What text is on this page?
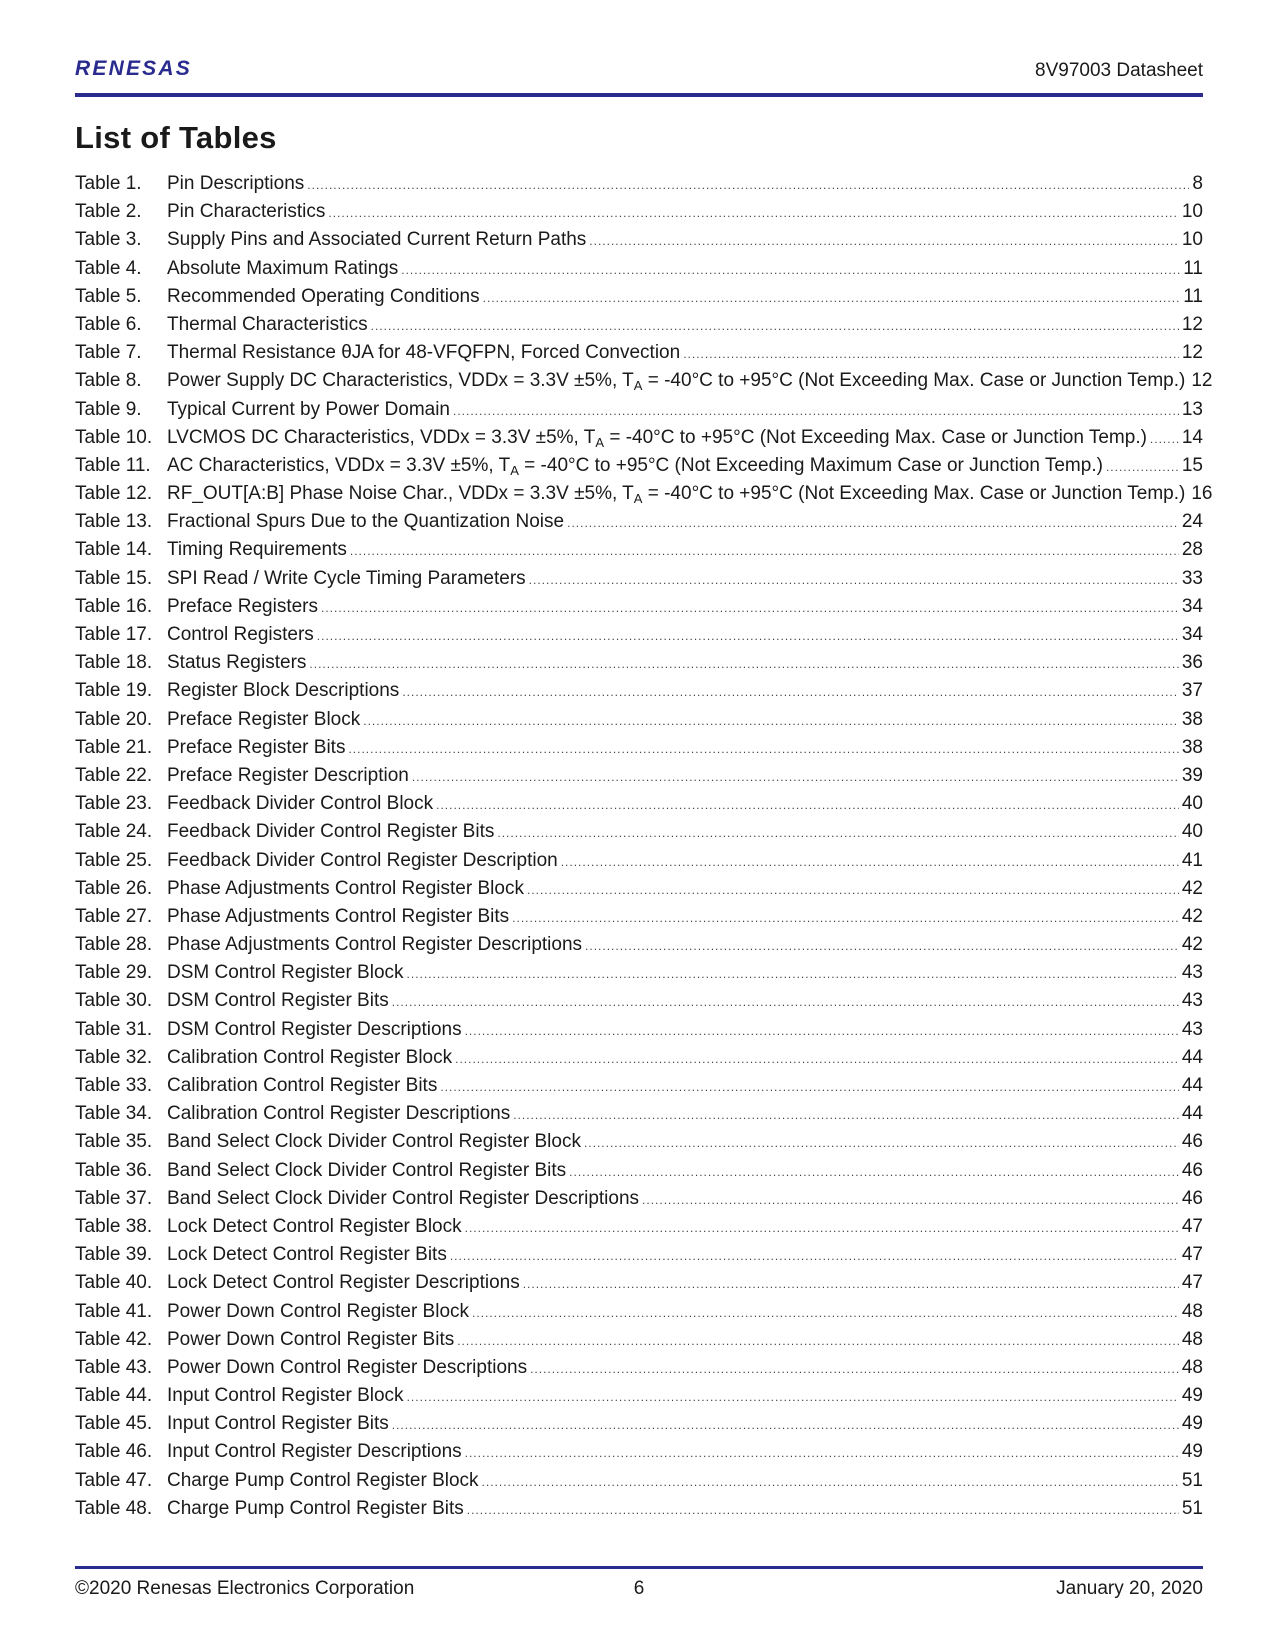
RENESAS	8V97003 Datasheet
List of Tables
Table 1.	Pin Descriptions .....	8
Table 2.	Pin Characteristics .....	10
Table 3.	Supply Pins and Associated Current Return Paths .....	10
Table 4.	Absolute Maximum Ratings .....	11
Table 5.	Recommended Operating Conditions .....	11
Table 6.	Thermal Characteristics .....	12
Table 7.	Thermal Resistance θJA for 48-VFQFPN, Forced Convection .....	12
Table 8.	Power Supply DC Characteristics, VDDx = 3.3V ±5%, $T_A = -40^\circ C$ to +95°C (Not Exceeding Max. Case or Junction Temp.) 12
Table 9.	Typical Current by Power Domain .....	13
Table 10. LVCMOS DC Characteristics, VDDx = 3.3V ±5%, $T_A = -40^\circ C$ to +95°C (Not Exceeding Max. Case or Junction Temp.) ..... 14
Table 11. AC Characteristics, VDDx = 3.3V ±5%, $T_A = -40^\circ C$ to +95°C (Not Exceeding Maximum Case or Junction Temp.) .....	15
Table 12. RF_OUT[A:B] Phase Noise Char., VDDx = 3.3V ±5%, $T_A = -40^\circ C$ to +95°C (Not Exceeding Max. Case or Junction Temp.) 16
Table 13. Fractional Spurs Due to the Quantization Noise .....	24
Table 14. Timing Requirements .....	28
Table 15. SPI Read / Write Cycle Timing Parameters .....	33
Table 16. Preface Registers .....	34
Table 17. Control Registers .....	34
Table 18. Status Registers .....	36
Table 19. Register Block Descriptions .....	37
Table 20. Preface Register Block .....	38
Table 21. Preface Register Bits .....	38
Table 22. Preface Register Description .....	39
Table 23. Feedback Divider Control Block .....	40
Table 24. Feedback Divider Control Register Bits .....	40
Table 25. Feedback Divider Control Register Description .....	41
Table 26. Phase Adjustments Control Register Block .....	42
Table 27. Phase Adjustments Control Register Bits .....	42
Table 28. Phase Adjustments Control Register Descriptions .....	42
Table 29. DSM Control Register Block .....	43
Table 30. DSM Control Register Bits .....	43
Table 31. DSM Control Register Descriptions .....	43
Table 32. Calibration Control Register Block .....	44
Table 33. Calibration Control Register Bits .....	44
Table 34. Calibration Control Register Descriptions .....	44
Table 35. Band Select Clock Divider Control Register Block .....	46
Table 36. Band Select Clock Divider Control Register Bits .....	46
Table 37. Band Select Clock Divider Control Register Descriptions .....	46
Table 38. Lock Detect Control Register Block .....	47
Table 39. Lock Detect Control Register Bits .....	47
Table 40. Lock Detect Control Register Descriptions .....	47
Table 41. Power Down Control Register Block .....	48
Table 42. Power Down Control Register Bits .....	48
Table 43. Power Down Control Register Descriptions .....	48
Table 44. Input Control Register Block .....	49
Table 45. Input Control Register Bits .....	49
Table 46. Input Control Register Descriptions .....	49
Table 47. Charge Pump Control Register Block .....	51
Table 48. Charge Pump Control Register Bits .....	51
©2020 Renesas Electronics Corporation	6	January 20, 2020
